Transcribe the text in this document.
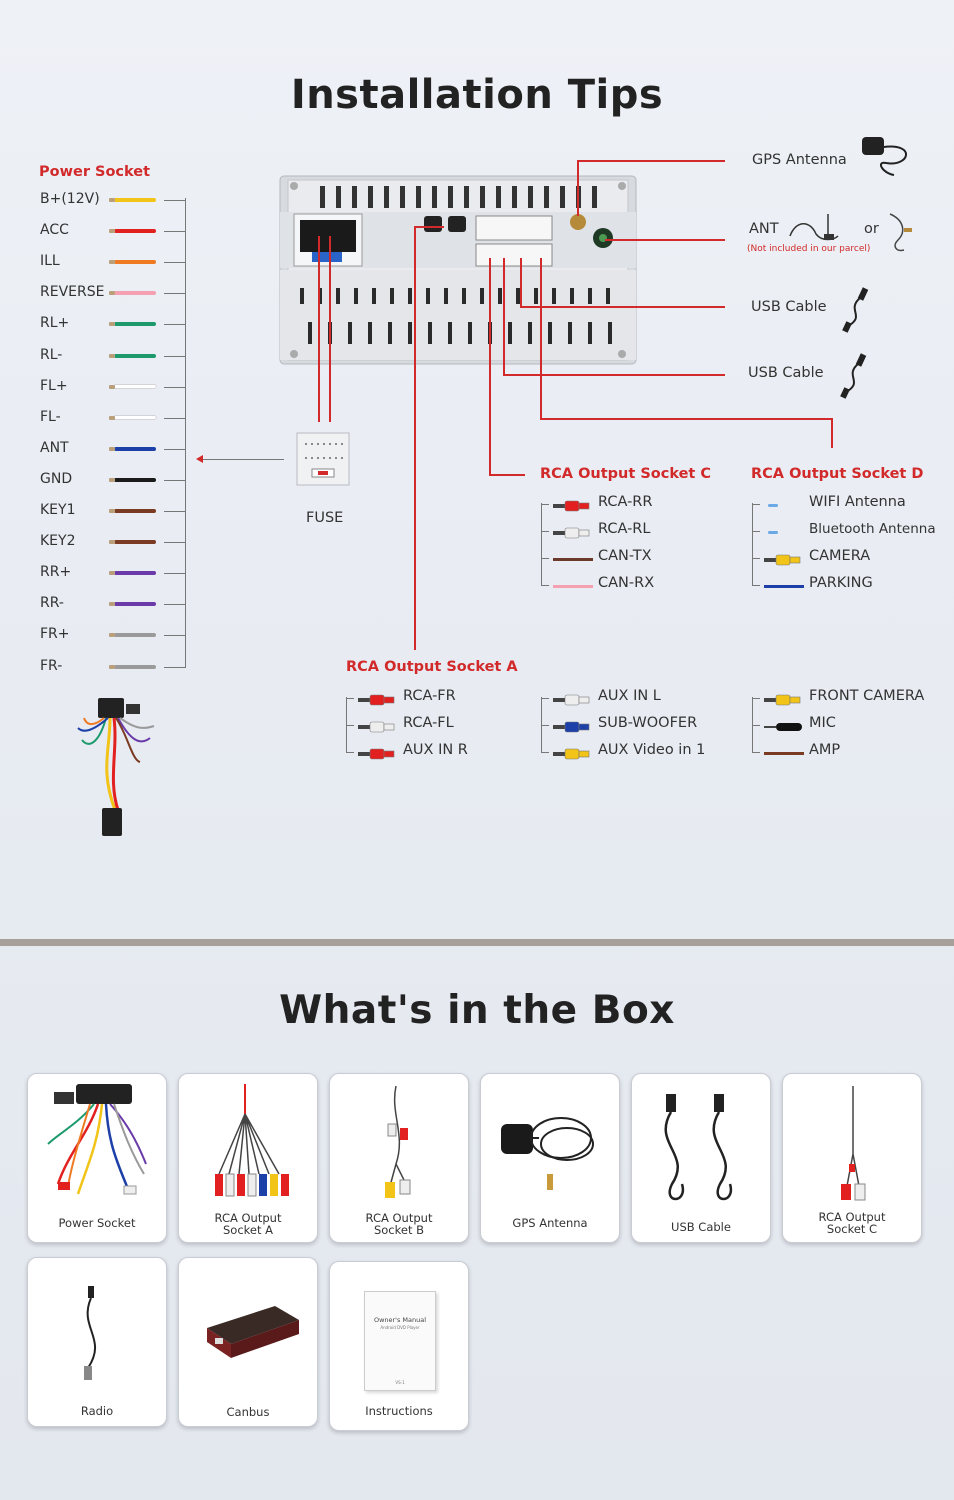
Installation Tips
Power Socket
B+(12V)
ACC
ILL
REVERSE
RL+
RL-
FL+
FL-
ANT
GND
KEY1
KEY2
RR+
RR-
FR+
FR-
FUSE
GPS Antenna
ANT
(Not included in our parcel)
or
USB Cable
USB Cable
RCA Output Socket C
RCA-RR
RCA-RL
CAN-TX
CAN-RX
RCA Output Socket D
WIFI Antenna
Bluetooth Antenna
CAMERA
PARKING
RCA Output Socket A
RCA-FR
RCA-FL
AUX IN R
AUX IN L
SUB-WOOFER
AUX Video in 1
FRONT CAMERA
MIC
AMP
What's in the Box
Power Socket	RCA Output
Socket A
RCA Output
Socket B	GPS Antenna	USB Cable
RCA Output
Socket C
Radio	Canbus
Owner's Manual
Android DVD Player
VS-1
Instructions
